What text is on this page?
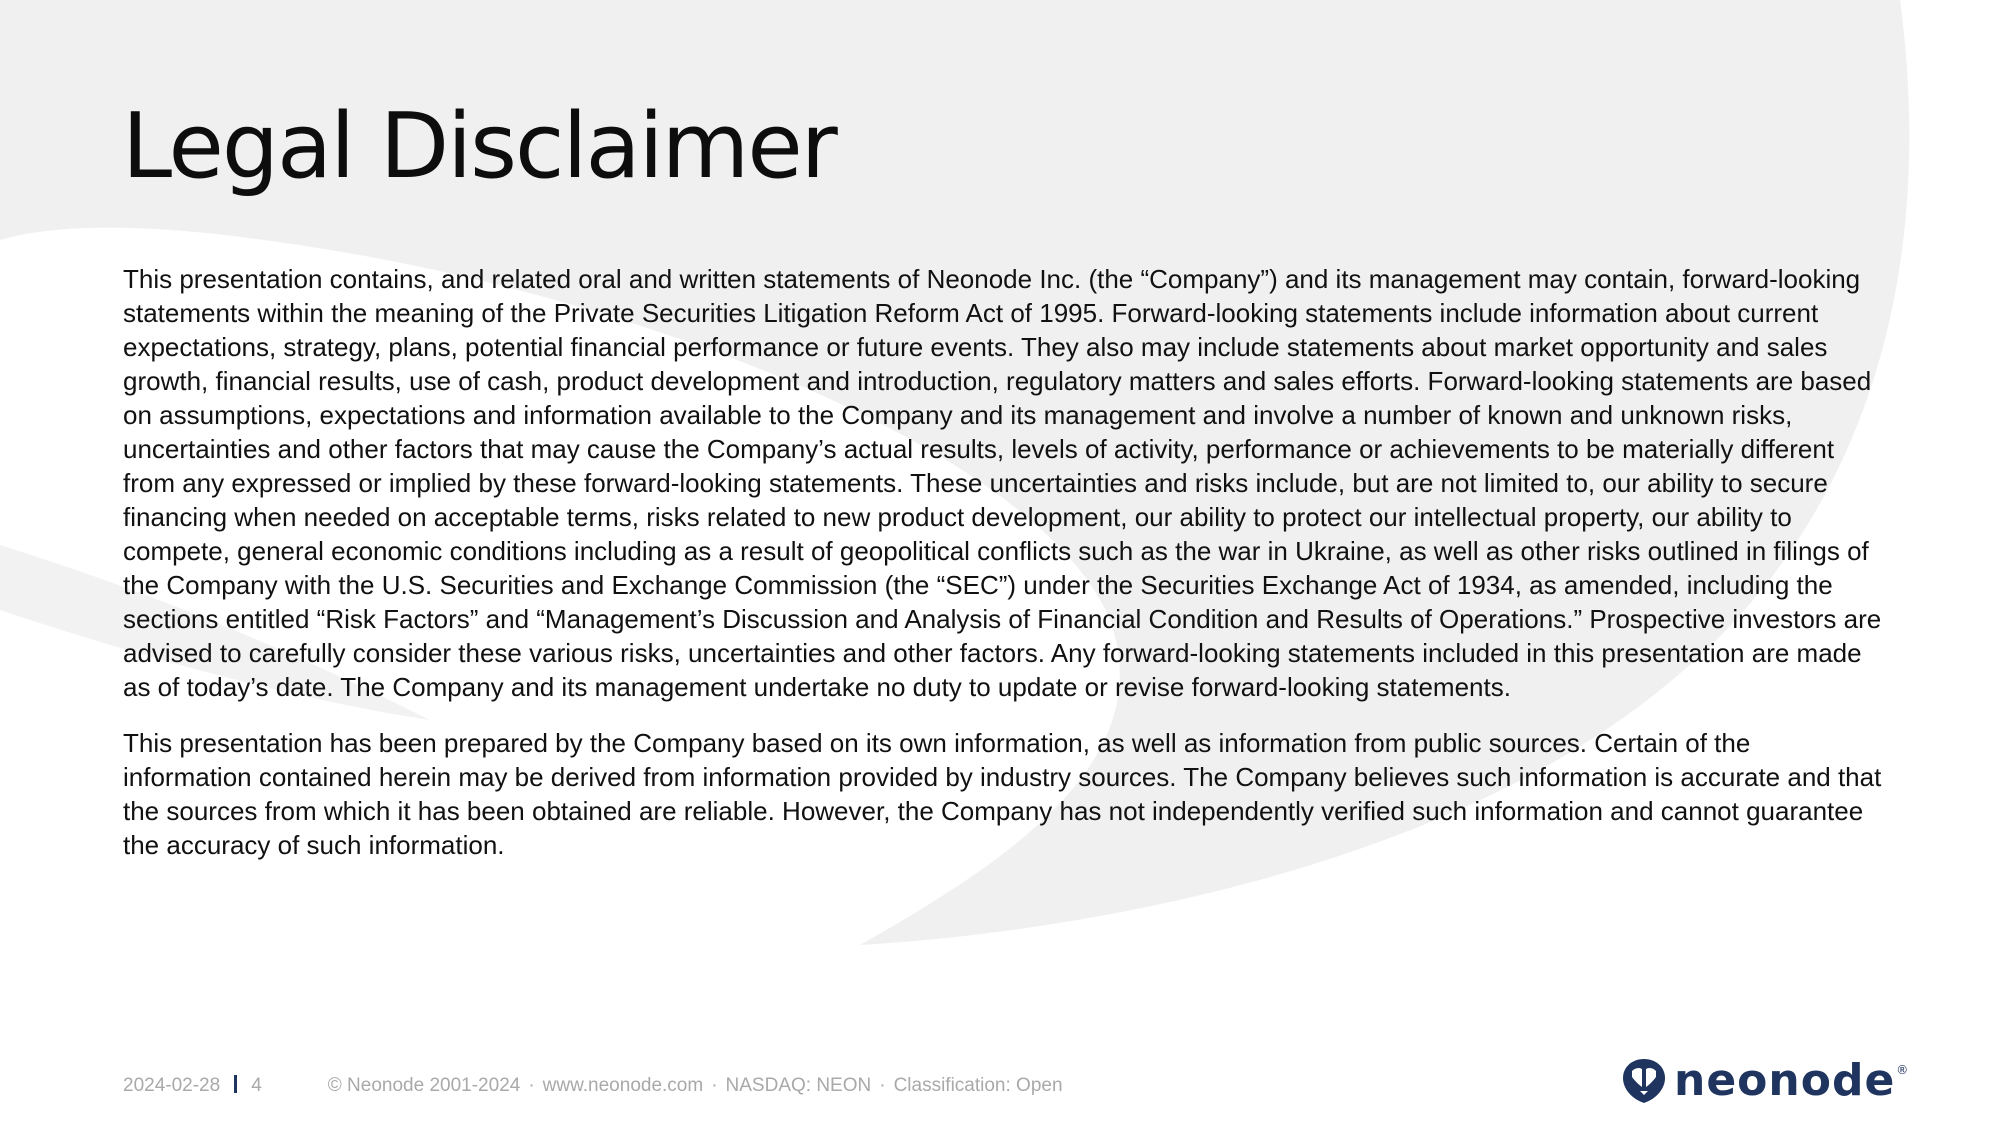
Legal Disclaimer

This presentation contains, and related oral and written statements of Neonode Inc. (the “Company”) and its management may contain, forward-looking statements within the meaning of the Private Securities Litigation Reform Act of 1995. Forward-looking statements include information about current expectations, strategy, plans, potential financial performance or future events. They also may include statements about market opportunity and sales growth, financial results, use of cash, product development and introduction, regulatory matters and sales efforts. Forward-looking statements are based on assumptions, expectations and information available to the Company and its management and involve a number of known and unknown risks, uncertainties and other factors that may cause the Company’s actual results, levels of activity, performance or achievements to be materially different from any expressed or implied by these forward-looking statements. These uncertainties and risks include, but are not limited to, our ability to secure financing when needed on acceptable terms, risks related to new product development, our ability to protect our intellectual property, our ability to compete, general economic conditions including as a result of geopolitical conflicts such as the war in Ukraine, as well as other risks outlined in filings of the Company with the U.S. Securities and Exchange Commission (the “SEC”) under the Securities Exchange Act of 1934, as amended, including the sections entitled “Risk Factors” and “Management’s Discussion and Analysis of Financial Condition and Results of Operations.” Prospective investors are advised to carefully consider these various risks, uncertainties and other factors. Any forward-looking statements included in this presentation are made as of today’s date. The Company and its management undertake no duty to update or revise forward-looking statements.

This presentation has been prepared by the Company based on its own information, as well as information from public sources. Certain of the information contained herein may be derived from information provided by industry sources. The Company believes such information is accurate and that the sources from which it has been obtained are reliable. However, the Company has not independently verified such information and cannot guarantee the accuracy of such information.

2024-02-28 4	© Neonode 2001-2024 · www.neonode.com · NASDAQ: NEON · Classification: Open	neonode ®
